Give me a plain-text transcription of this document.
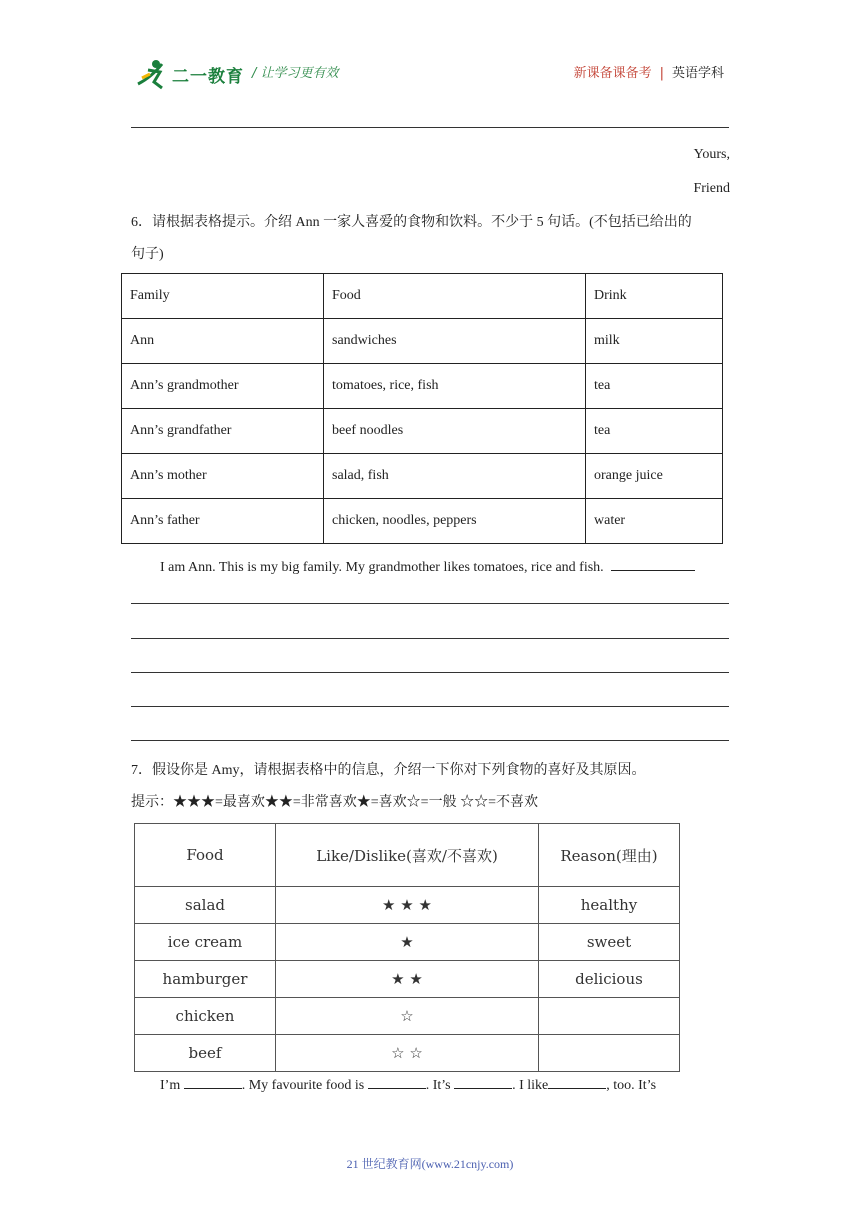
二一教育 / 让学习更有效	新课备课备考 | 英语学科
Yours,
Friend
6．请根据表格提示。介绍 Ann 一家人喜爱的食物和饮料。不少于 5 句话。(不包括已给出的
句子)
Family	Food	Drink
Ann	sandwiches	milk
Ann’s grandmother	tomatoes, rice, fish	tea
Ann’s grandfather	beef noodles	tea
Ann’s mother	salad, fish	orange juice
Ann’s father	chicken, noodles, peppers	water
I am Ann. This is my big family. My grandmother likes tomatoes, rice and fish.
7．假设你是 Amy，请根据表格中的信息，介绍一下你对下列食物的喜好及其原因。
提示：★★★=最喜欢★★=非常喜欢★=喜欢☆=一般 ☆☆=不喜欢
Food	Like/Dislike(喜欢/不喜欢)	Reason(理由)
salad	★ ★ ★	healthy
ice cream	★	sweet
hamburger	★ ★	delicious
chicken	☆	
beef	☆ ☆	
I’m	. My favourite food is	. It’s	. I like	, too. It’s
21 世纪教育网(www.21cnjy.com)
